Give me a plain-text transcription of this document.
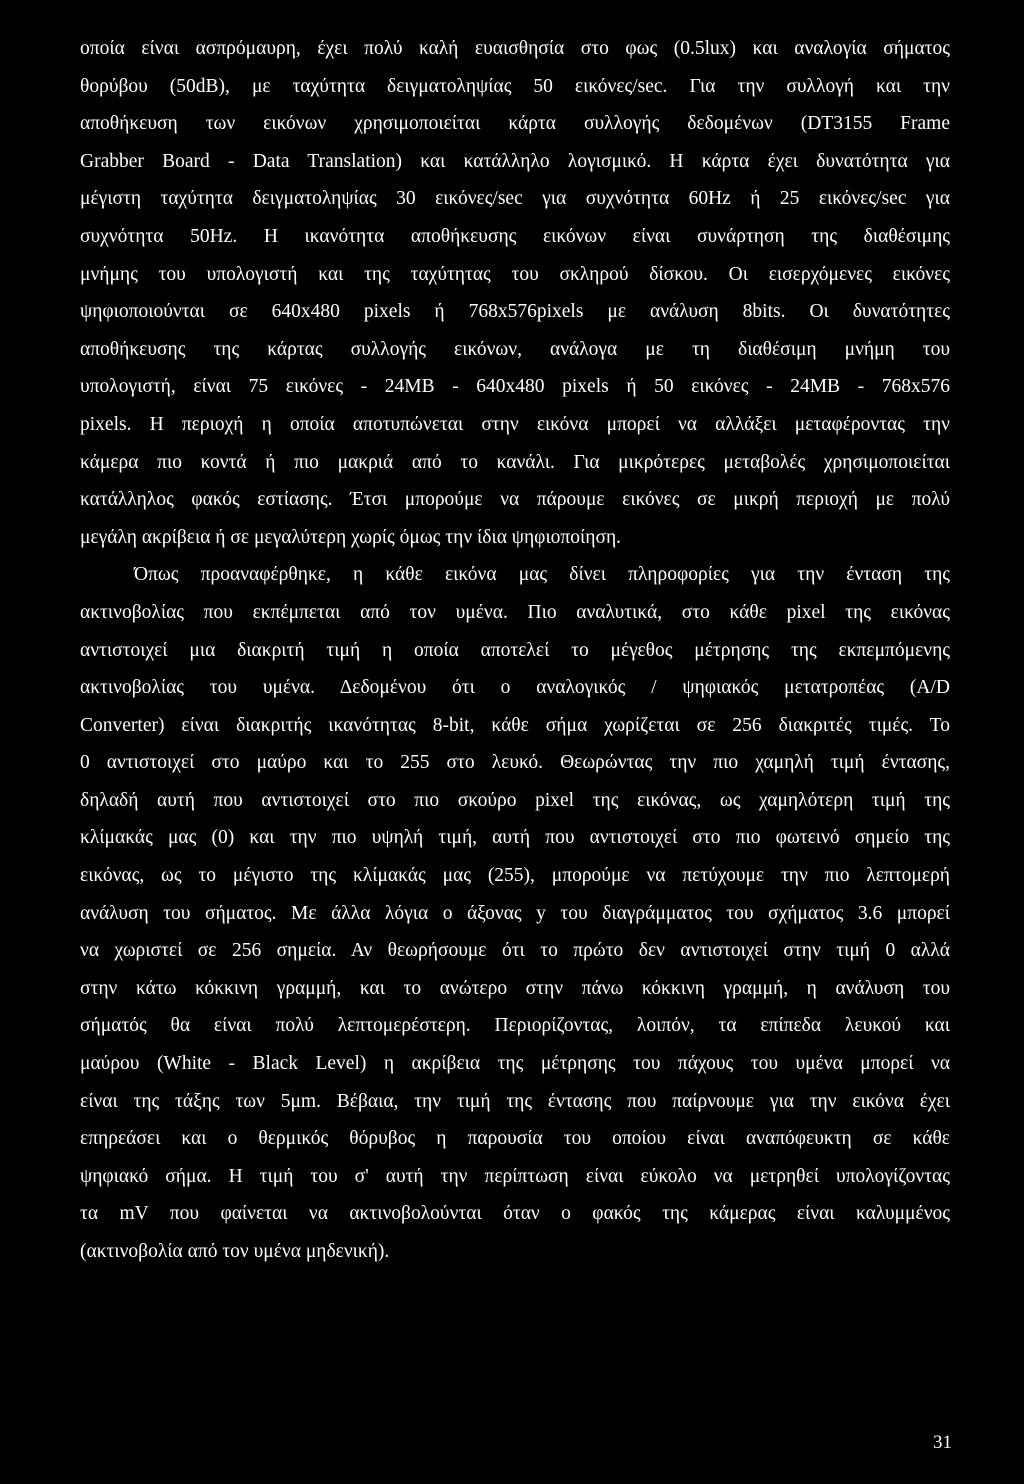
οποία είναι ασπρόμαυρη, έχει πολύ καλή ευαισθησία στο φως (0.5lux) και αναλογία σήματος
θορύβου (50dB), με ταχύτητα δειγματοληψίας 50 εικόνες/sec. Για την συλλογή και την
αποθήκευση των εικόνων χρησιμοποιείται κάρτα συλλογής δεδομένων (DT3155 Frame
Grabber Board - Data Translation) και κατάλληλο λογισμικό. Η κάρτα έχει δυνατότητα για
μέγιστη ταχύτητα δειγματοληψίας 30 εικόνες/sec για συχνότητα 60Hz ή 25 εικόνες/sec για
συχνότητα 50Hz. Η ικανότητα αποθήκευσης εικόνων είναι συνάρτηση της διαθέσιμης
μνήμης του υπολογιστή και της ταχύτητας του σκληρού δίσκου. Οι εισερχόμενες εικόνες
ψηφιοποιούνται σε 640x480 pixels ή 768x576pixels με ανάλυση 8bits. Οι δυνατότητες
αποθήκευσης της κάρτας συλλογής εικόνων, ανάλογα με τη διαθέσιμη μνήμη του
υπολογιστή, είναι 75 εικόνες - 24MB - 640x480 pixels ή 50 εικόνες - 24MB - 768x576
pixels. Η περιοχή η οποία αποτυπώνεται στην εικόνα μπορεί να αλλάξει μεταφέροντας την
κάμερα πιο κοντά ή πιο μακριά από το κανάλι. Για μικρότερες μεταβολές χρησιμοποιείται
κατάλληλος φακός εστίασης. Έτσι μπορούμε να πάρουμε εικόνες σε μικρή περιοχή με πολύ
μεγάλη ακρίβεια ή σε μεγαλύτερη χωρίς όμως την ίδια ψηφιοποίηση.
Όπως προαναφέρθηκε, η κάθε εικόνα μας δίνει πληροφορίες για την ένταση της
ακτινοβολίας που εκπέμπεται από τον υμένα. Πιο αναλυτικά, στο κάθε pixel της εικόνας
αντιστοιχεί μια διακριτή τιμή η οποία αποτελεί το μέγεθος μέτρησης της εκπεμπόμενης
ακτινοβολίας του υμένα. Δεδομένου ότι ο αναλογικός / ψηφιακός μετατροπέας (A/D
Converter) είναι διακριτής ικανότητας 8-bit, κάθε σήμα χωρίζεται σε 256 διακριτές τιμές. Το
0 αντιστοιχεί στο μαύρο και το 255 στο λευκό. Θεωρώντας την πιο χαμηλή τιμή έντασης,
δηλαδή αυτή που αντιστοιχεί στο πιο σκούρο pixel της εικόνας, ως χαμηλότερη τιμή της
κλίμακάς μας (0) και την πιο υψηλή τιμή, αυτή που αντιστοιχεί στο πιο φωτεινό σημείο της
εικόνας, ως το μέγιστο της κλίμακάς μας (255), μπορούμε να πετύχουμε την πιο λεπτομερή
ανάλυση του σήματος. Με άλλα λόγια ο άξονας y του διαγράμματος του σχήματος 3.6 μπορεί
να χωριστεί σε 256 σημεία. Αν θεωρήσουμε ότι το πρώτο δεν αντιστοιχεί στην τιμή 0 αλλά
στην κάτω κόκκινη γραμμή, και το ανώτερο στην πάνω κόκκινη γραμμή, η ανάλυση του
σήματός θα είναι πολύ λεπτομερέστερη. Περιορίζοντας, λοιπόν, τα επίπεδα λευκού και
μαύρου (White - Black Level) η ακρίβεια της μέτρησης του πάχους του υμένα μπορεί να
είναι της τάξης των 5μm. Βέβαια, την τιμή της έντασης που παίρνουμε για την εικόνα έχει
επηρεάσει και ο θερμικός θόρυβος η παρουσία του οποίου είναι αναπόφευκτη σε κάθε
ψηφιακό σήμα. Η τιμή του σ' αυτή την περίπτωση είναι εύκολο να μετρηθεί υπολογίζοντας
τα mV που φαίνεται να ακτινοβολούνται όταν ο φακός της κάμερας είναι καλυμμένος
(ακτινοβολία από τον υμένα μηδενική).
31
